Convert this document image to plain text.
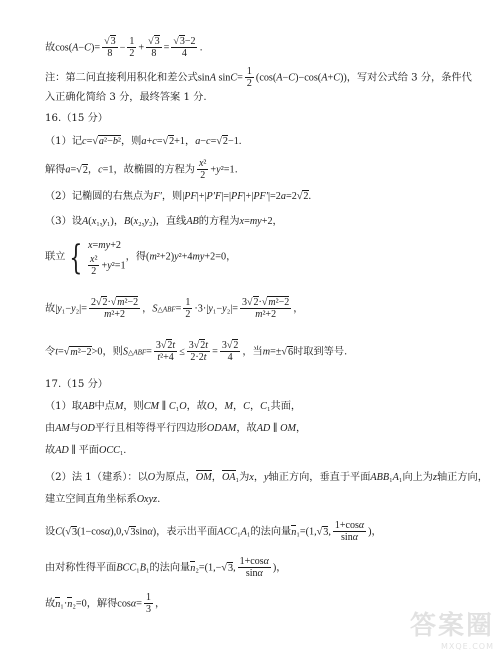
故$\cos(A-C)= \frac{√3}{8} - \frac{1}{2} + \frac{√3}{8} = \frac{√3-2}{4}$ .
注：第二问直接利用积化和差公式sinA $\sin C= \frac{1}{2} (\cos(A-C)-\cos(A+C))$，写对公式给 3 分，条件代
入正确化简给 3 分，最终答案 1 分.
16.（15 分）
（1）记c=√a²−b²，则a+c=√2+1，a−c=√2−1.
解得a=√2，c=1，故椭圆的方程为 $\frac{\text{x²}}{2} +y^2=1$.
（2）记椭圆的右焦点为F′，则|PF|+|P′F|=|PF|+|PF′|=2a=2√2.
（3）设A(x₁,y₁)，B(x₂,y₂)，直线AB的方程为x=my+2，
联立 { x=my+2
$\frac{\text{x²}}{2} +y^2=1$
，得(m²+2)y²+4my+2=0，
故$|y_1-y_2|= \frac{\text{2√2·√m²−2}}{\text{m²+2}}$ ，S△ABF= $\frac{1}{2} \cdot 3\cdot|y_1-y_2|= \frac{\text{3√2·√m²−2}}{\text{m²+2}}$ ，
令t=√m²−2>0，则S△ABF= $\frac{3√2t}{\text{t²+4}} \le \frac{3√2t}{2\cdot 2t} = \frac{3√2}{4}$ ，当m=±√6时取到等号.
17.（15 分）
（1）取AB中点M，则CM ∥ C₁O，故O，M，C，C₁共面，
由AM与OD平行且相等得平行四边形ODAM，故AD ∥ OM，
故AD ∥ 平面OCC₁.
（2）法 1（建系）：以O为原点，OM，OA₁为x，y轴正方向，垂直于平面ABB₁A₁向上为z轴正方向，
建立空间直角坐标系Oxyz.
设C(√3(1−cosα),0,√3sinα)，表示出平面ACC₁A₁的法向量n₁=(1,√3, $\frac{1+\cos\alpha}{\sin\alpha}$ )，
由对称性得平面BCC₁B₁的法向量n₂=(1,−√3, $\frac{1+\cos\alpha}{\sin\alpha}$ )，
故n₁·n₂=0，解得$\cos\alpha= \frac{1}{3}$ ，
答案圈
MXQE.COM
